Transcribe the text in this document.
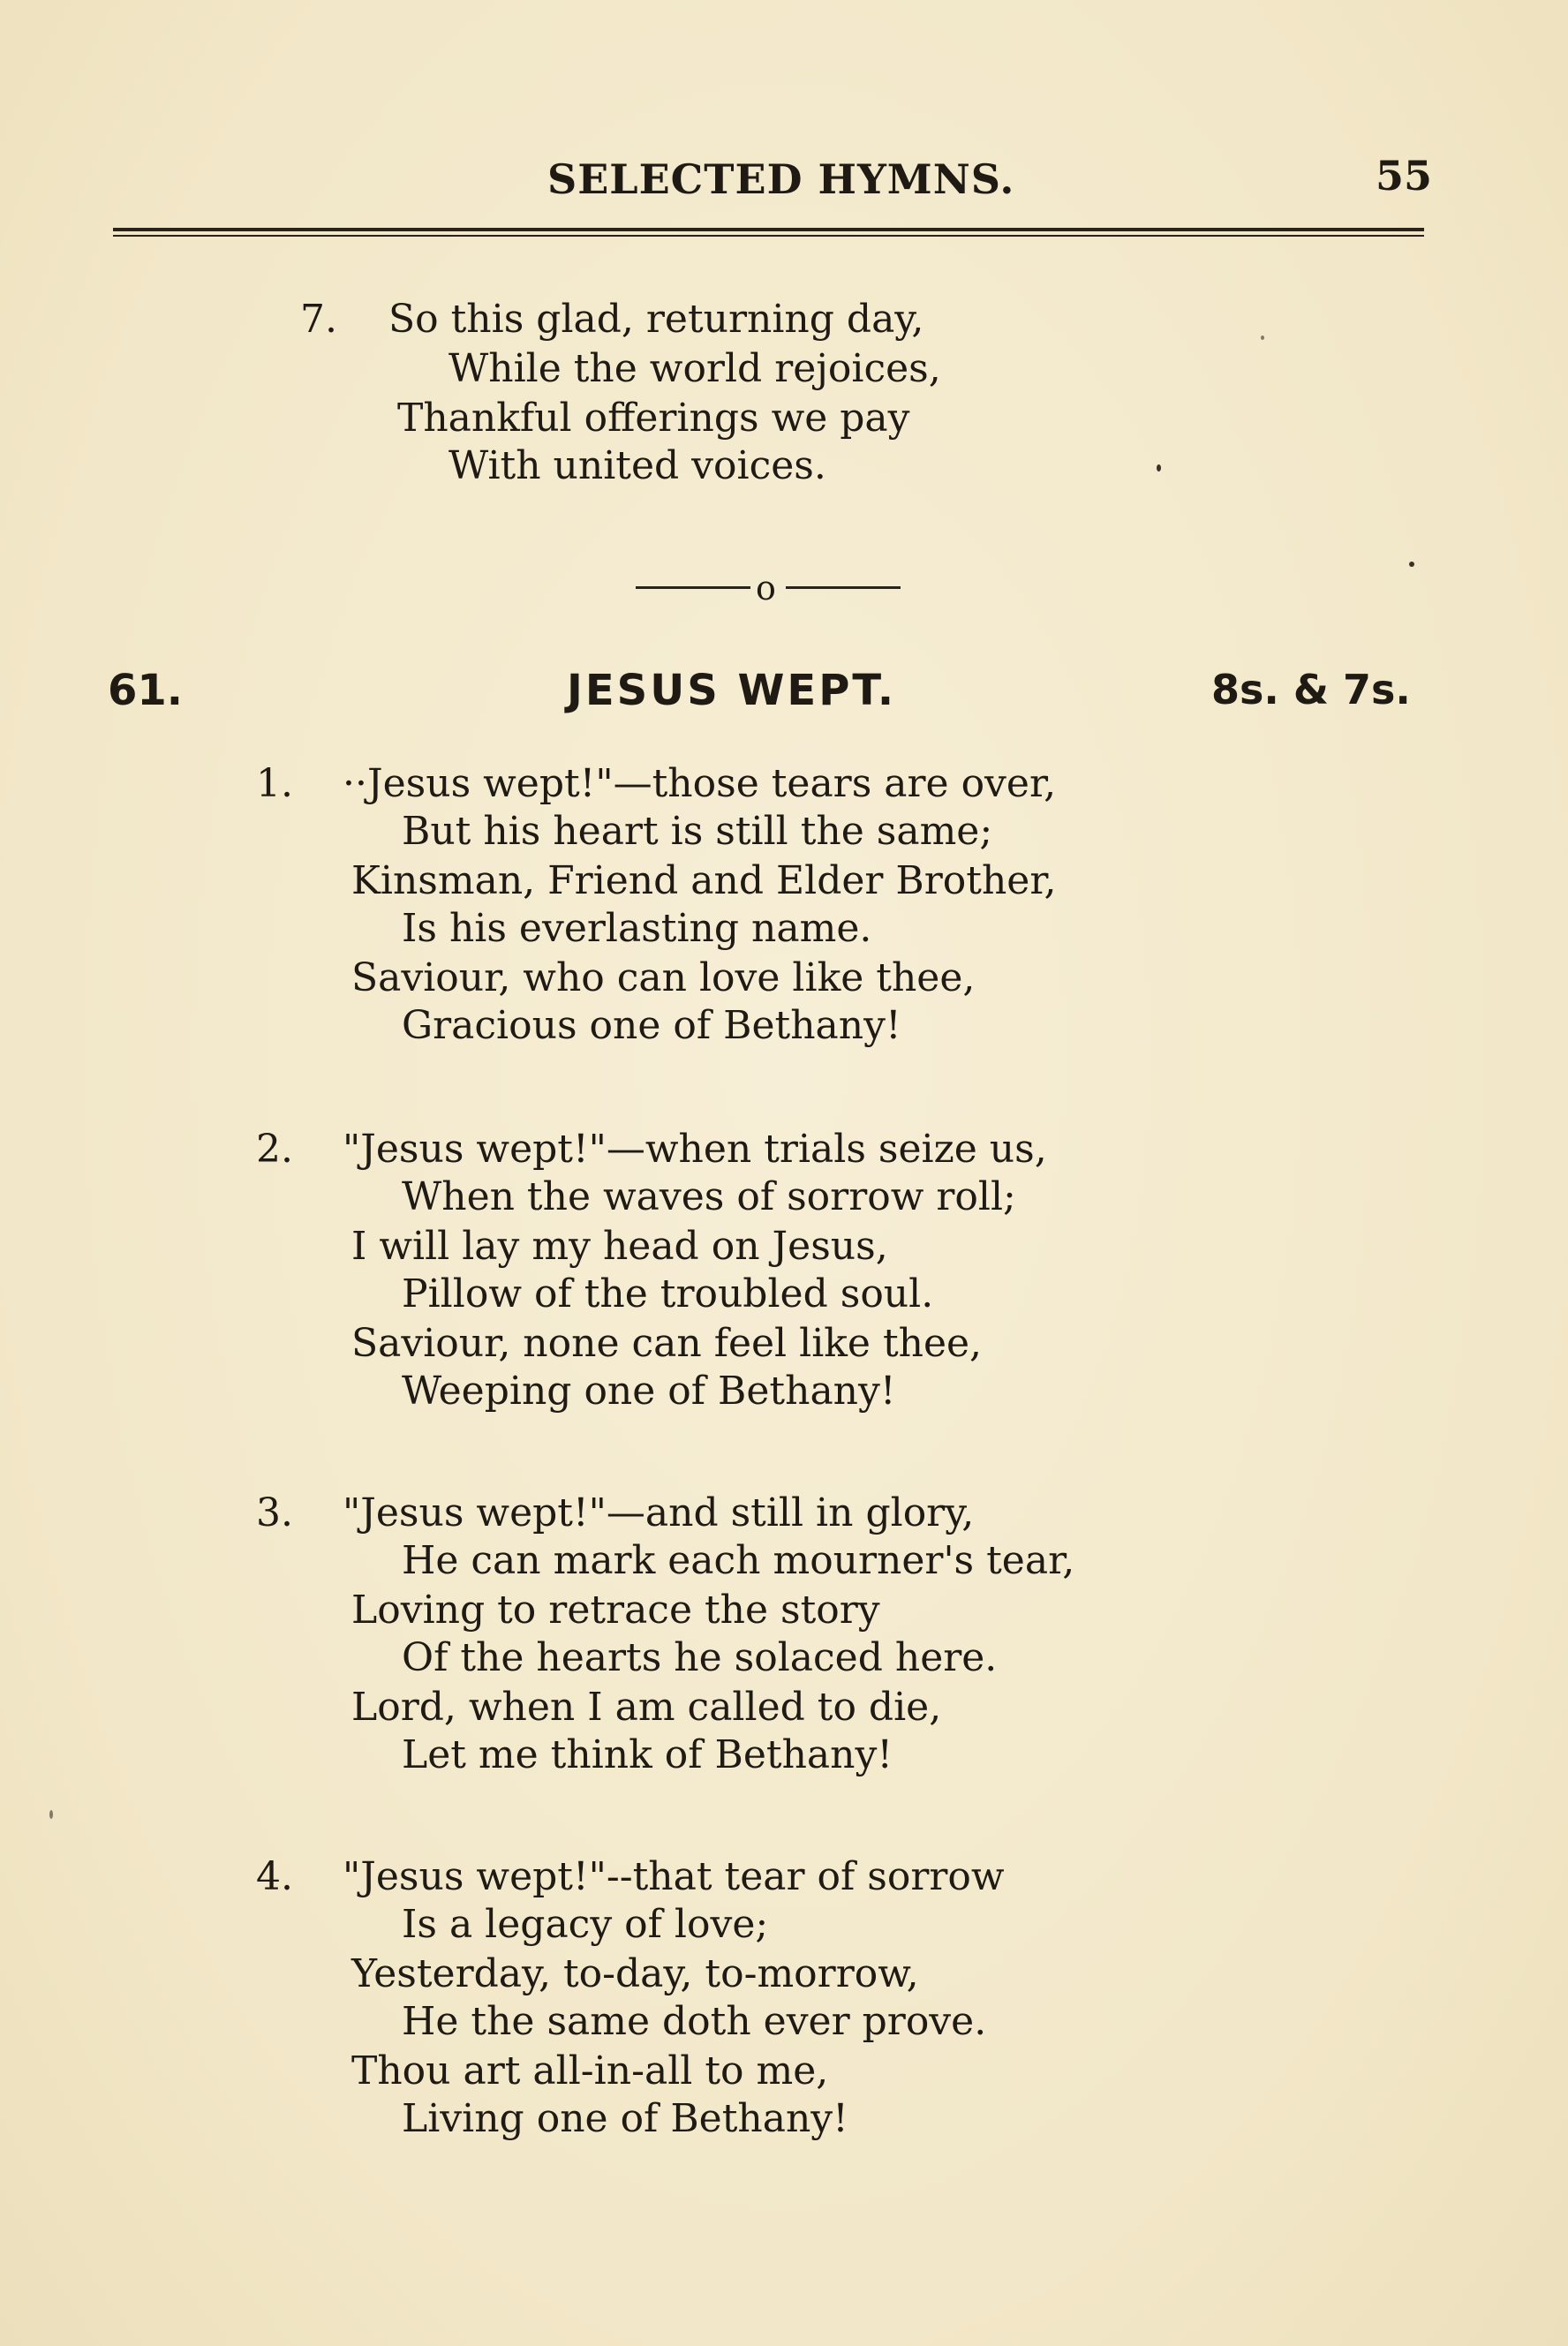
SELECTED HYMNS.	55
7. So this glad, returning day,
While the world rejoices,
Thankful offerings we pay
With united voices.
o
61.	JESUS WEPT.	8s. & 7s.
1. ··Jesus wept!"—those tears are over,
But his heart is still the same;
Kinsman, Friend and Elder Brother,
Is his everlasting name.
Saviour, who can love like thee,
Gracious one of Bethany!
2. "Jesus wept!"—when trials seize us,
When the waves of sorrow roll;
I will lay my head on Jesus,
Pillow of the troubled soul.
Saviour, none can feel like thee,
Weeping one of Bethany!
3. "Jesus wept!"—and still in glory,
He can mark each mourner's tear,
Loving to retrace the story
Of the hearts he solaced here.
Lord, when I am called to die,
Let me think of Bethany!
4. "Jesus wept!"--that tear of sorrow
Is a legacy of love;
Yesterday, to-day, to-morrow,
He the same doth ever prove.
Thou art all-in-all to me,
Living one of Bethany!
